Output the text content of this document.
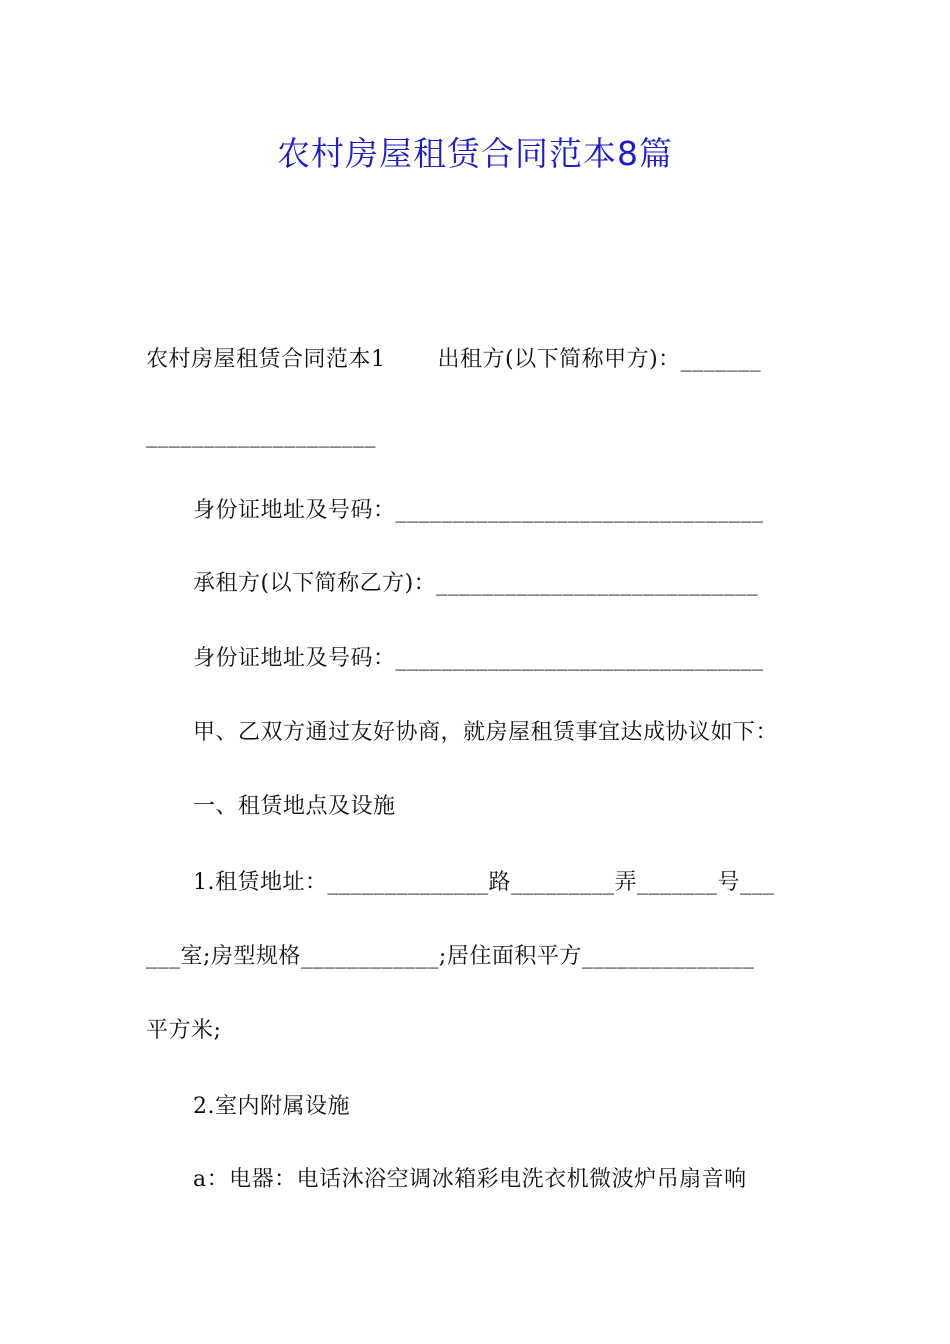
农村房屋租赁合同范本8篇
农村房屋租赁合同范本1 出租方(以下简称甲方)：_______
____________________
身份证地址及号码：________________________________
承租方(以下简称乙方)：____________________________
身份证地址及号码：________________________________
甲、乙双方通过友好协商，就房屋租赁事宜达成协议如下：
一、租赁地点及设施
1.租赁地址：______________路_________弄_______号___
___室;房型规格____________;居住面积平方_______________
平方米;
2.室内附属设施
a：电器：电话沐浴空调冰箱彩电洗衣机微波炉吊扇音响
